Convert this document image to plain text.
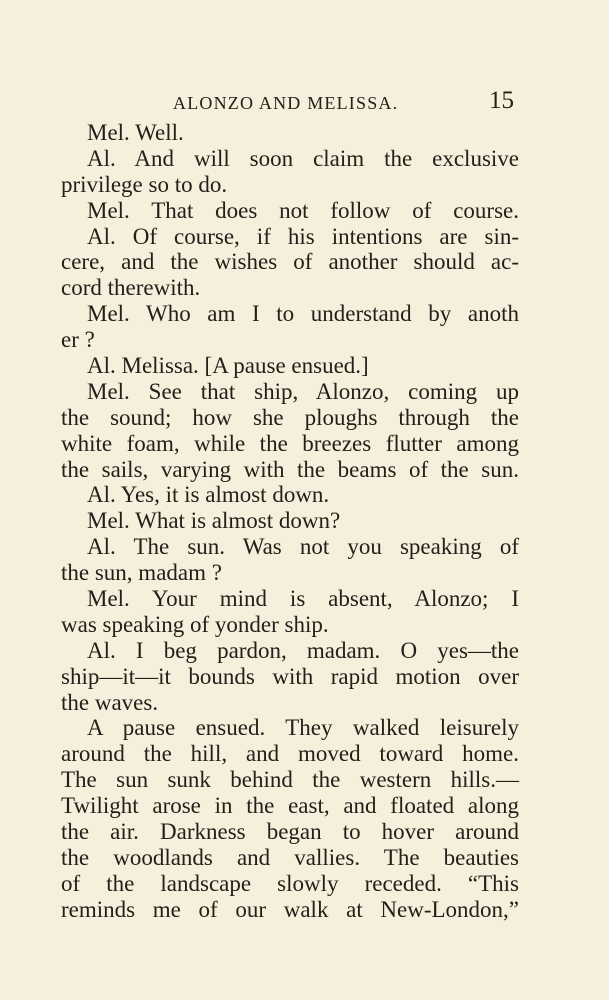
ALONZO AND MELISSA.	15
Mel. Well.
Al. And will soon claim the exclusive
privilege so to do.
Mel. That does not follow of course.
Al. Of course, if his intentions are sin-
cere, and the wishes of another should ac-
cord therewith.
Mel. Who am I to understand by anoth
er ?
Al. Melissa. [A pause ensued.]
Mel. See that ship, Alonzo, coming up
the sound; how she ploughs through the
white foam, while the breezes flutter among
the sails, varying with the beams of the sun.
Al. Yes, it is almost down.
Mel. What is almost down?
Al. The sun. Was not you speaking of
the sun, madam ?
Mel. Your mind is absent, Alonzo; I
was speaking of yonder ship.
Al. I beg pardon, madam. O yes—the
ship—it—it bounds with rapid motion over
the waves.
A pause ensued. They walked leisurely
around the hill, and moved toward home.
The sun sunk behind the western hills.—
Twilight arose in the east, and floated along
the air. Darkness began to hover around
the woodlands and vallies. The beauties
of the landscape slowly receded. “This
reminds me of our walk at New-London,”
